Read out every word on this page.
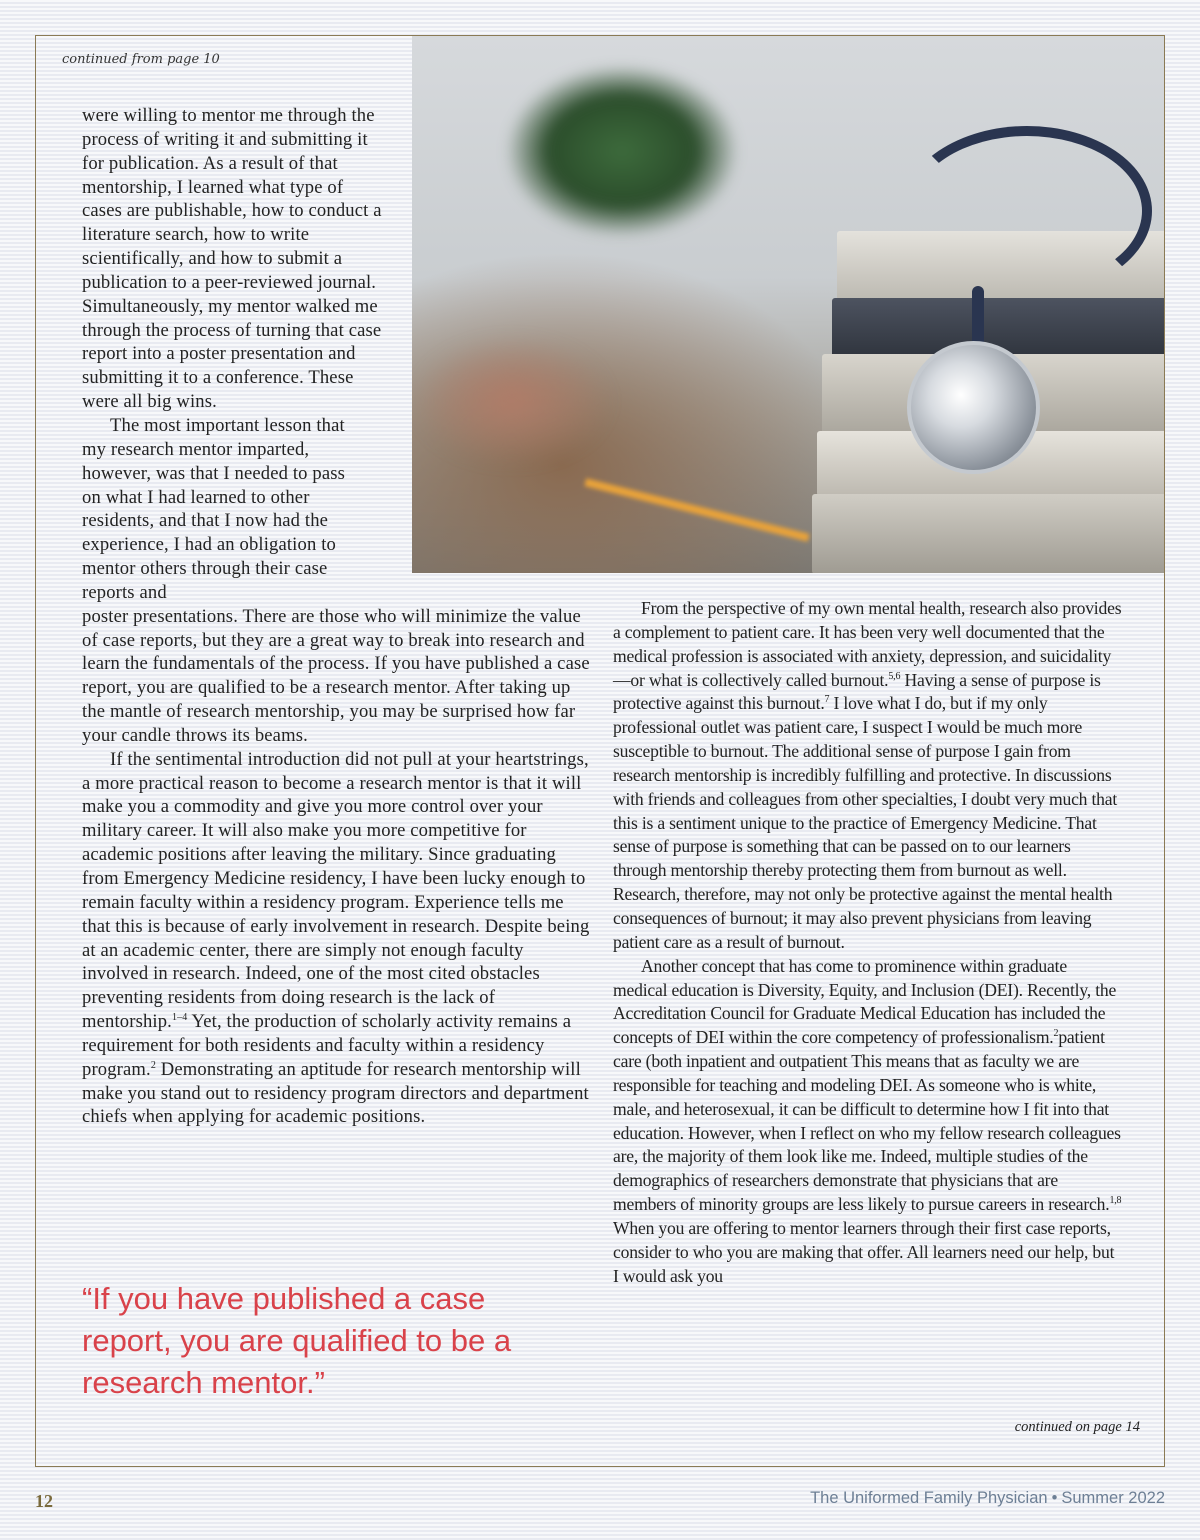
continued from page 10

were willing to mentor me through the process of writing it and submitting it for publication. As a result of that mentorship, I learned what type of cases are publishable, how to conduct a literature search, how to write scientifically, and how to submit a publication to a peer-reviewed journal. Simultaneously, my mentor walked me through the process of turning that case report into a poster presentation and submitting it to a conference. These were all big wins.

The most important lesson that my research mentor imparted, however, was that I needed to pass on what I had learned to other residents, and that I now had the experience, I had an obligation to mentor others through their case reports and

poster presentations. There are those who will minimize the value of case reports, but they are a great way to break into research and learn the fundamentals of the process. If you have published a case report, you are qualified to be a research mentor. After taking up the mantle of research mentorship, you may be surprised how far your candle throws its beams.

If the sentimental introduction did not pull at your heartstrings, a more practical reason to become a research mentor is that it will make you a commodity and give you more control over your military career. It will also make you more competitive for academic positions after leaving the military. Since graduating from Emergency Medicine residency, I have been lucky enough to remain faculty within a residency program. Experience tells me that this is because of early involvement in research. Despite being at an academic center, there are simply not enough faculty involved in research. Indeed, one of the most cited obstacles preventing residents from doing research is the lack of mentorship.$^{1-4}$ Yet, the production of scholarly activity remains a requirement for both residents and faculty within a residency program.$^2$ Demonstrating an aptitude for research mentorship will make you stand out to residency program directors and department chiefs when applying for academic positions.

“If you have published a case report, you are qualified to be a research mentor.”

From the perspective of my own mental health, research also provides a complement to patient care. It has been very well documented that the medical profession is associated with anxiety, depression, and suicidality—or what is collectively called burnout.$^{5,6}$ Having a sense of purpose is protective against this burnout.$^7$ I love what I do, but if my only professional outlet was patient care, I suspect I would be much more susceptible to burnout. The additional sense of purpose I gain from research mentorship is incredibly fulfilling and protective. In discussions with friends and colleagues from other specialties, I doubt very much that this is a sentiment unique to the practice of Emergency Medicine. That sense of purpose is something that can be passed on to our learners through mentorship thereby protecting them from burnout as well. Research, therefore, may not only be protective against the mental health consequences of burnout; it may also prevent physicians from leaving patient care as a result of burnout.

Another concept that has come to prominence within graduate medical education is Diversity, Equity, and Inclusion (DEI). Recently, the Accreditation Council for Graduate Medical Education has included the concepts of DEI within the core competency of professionalism.$^2$patient care (both inpatient and outpatient This means that as faculty we are responsible for teaching and modeling DEI. As someone who is white, male, and heterosexual, it can be difficult to determine how I fit into that education. However, when I reflect on who my fellow research colleagues are, the majority of them look like me. Indeed, multiple studies of the demographics of researchers demonstrate that physicians that are members of minority groups are less likely to pursue careers in research.$^{1,8}$ When you are offering to mentor learners through their first case reports, consider to who you are making that offer. All learners need our help, but I would ask you

continued on page 14
12	The Uniformed Family Physician • Summer 2022
